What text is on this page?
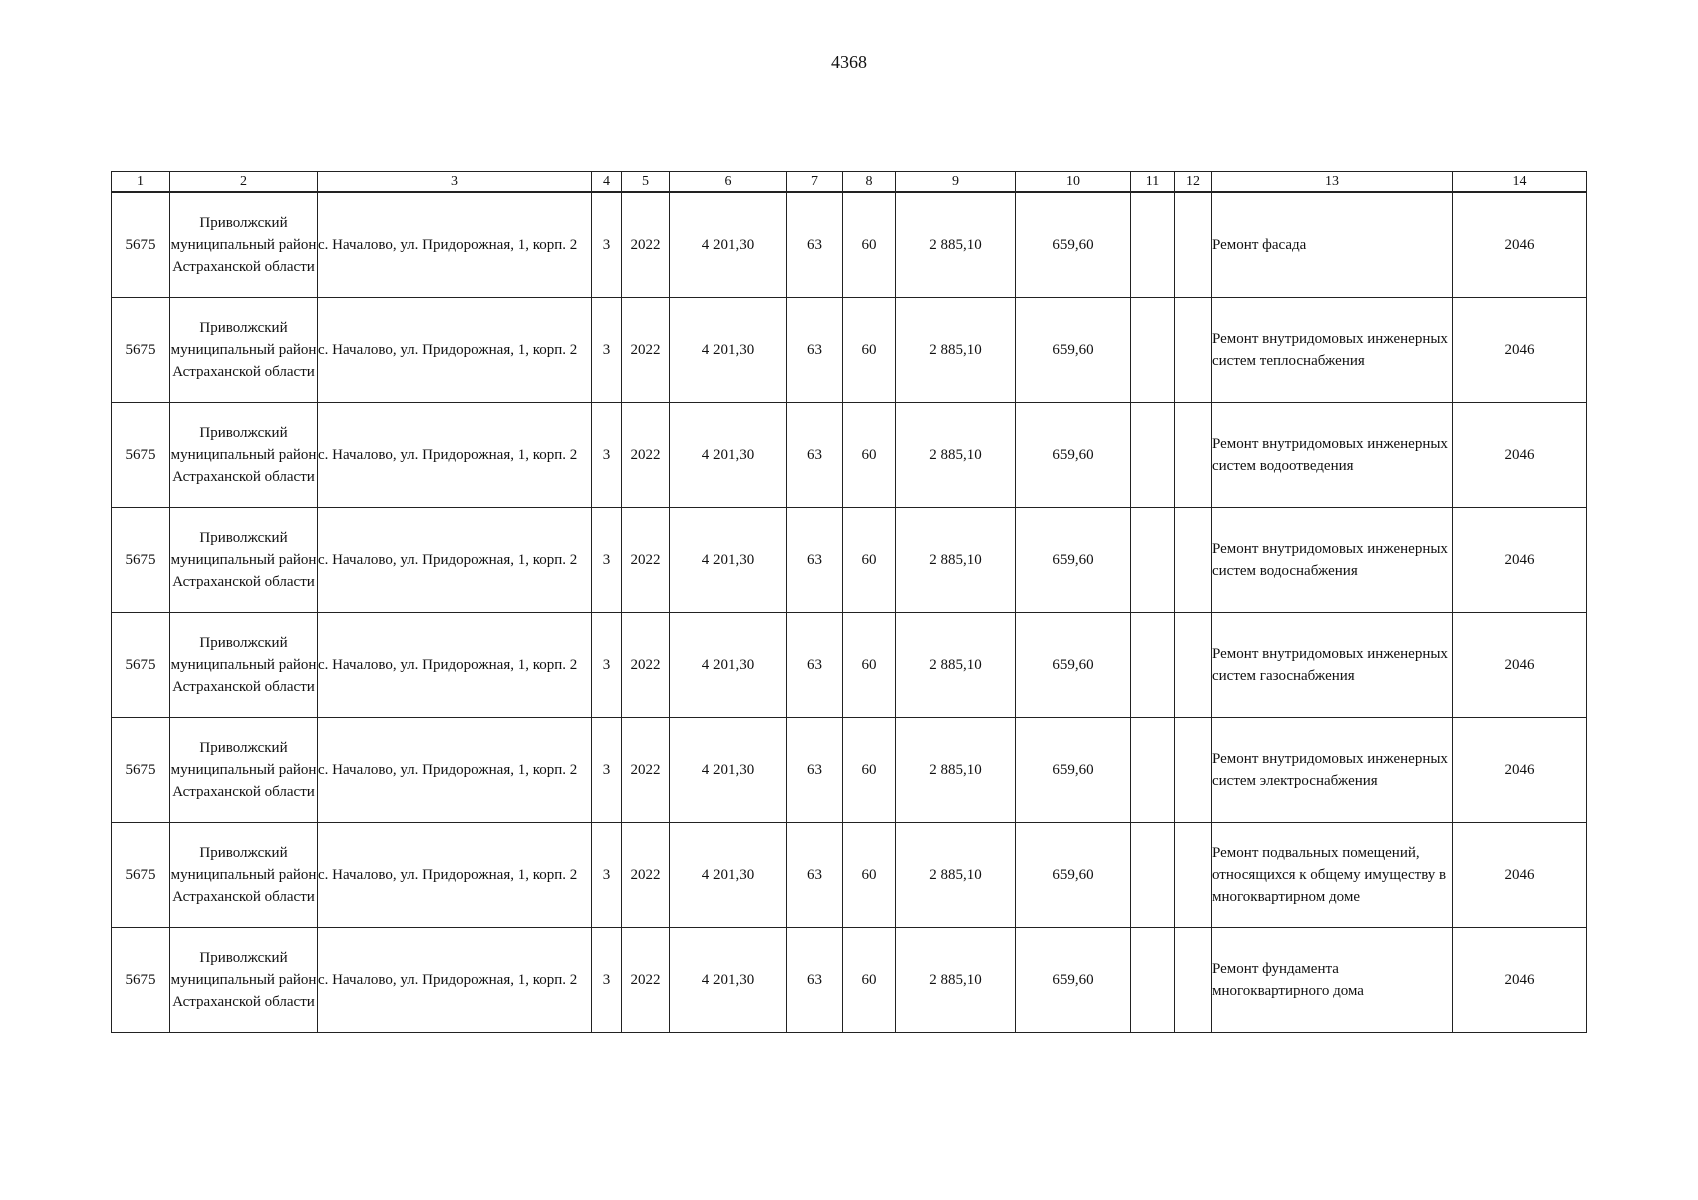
4368
1	2	3	4	5	6	7	8	9	10	11	12	13	14
5675	Приволжский муниципальный район Астраханской области	с. Началово, ул. Придорожная, 1, корп. 2	3	2022	4 201,30	63	60	2 885,10	659,60			Ремонт фасада	2046
5675	Приволжский муниципальный район Астраханской области	с. Началово, ул. Придорожная, 1, корп. 2	3	2022	4 201,30	63	60	2 885,10	659,60			Ремонт внутридомовых инженерных систем теплоснабжения	2046
5675	Приволжский муниципальный район Астраханской области	с. Началово, ул. Придорожная, 1, корп. 2	3	2022	4 201,30	63	60	2 885,10	659,60			Ремонт внутридомовых инженерных систем водоотведения	2046
5675	Приволжский муниципальный район Астраханской области	с. Началово, ул. Придорожная, 1, корп. 2	3	2022	4 201,30	63	60	2 885,10	659,60			Ремонт внутридомовых инженерных систем водоснабжения	2046
5675	Приволжский муниципальный район Астраханской области	с. Началово, ул. Придорожная, 1, корп. 2	3	2022	4 201,30	63	60	2 885,10	659,60			Ремонт внутридомовых инженерных систем газоснабжения	2046
5675	Приволжский муниципальный район Астраханской области	с. Началово, ул. Придорожная, 1, корп. 2	3	2022	4 201,30	63	60	2 885,10	659,60			Ремонт внутридомовых инженерных систем электроснабжения	2046
5675	Приволжский муниципальный район Астраханской области	с. Началово, ул. Придорожная, 1, корп. 2	3	2022	4 201,30	63	60	2 885,10	659,60			Ремонт подвальных помещений, относящихся к общему имуществу в многоквартирном доме	2046
5675	Приволжский муниципальный район Астраханской области	с. Началово, ул. Придорожная, 1, корп. 2	3	2022	4 201,30	63	60	2 885,10	659,60			Ремонт фундамента многоквартирного дома	2046
